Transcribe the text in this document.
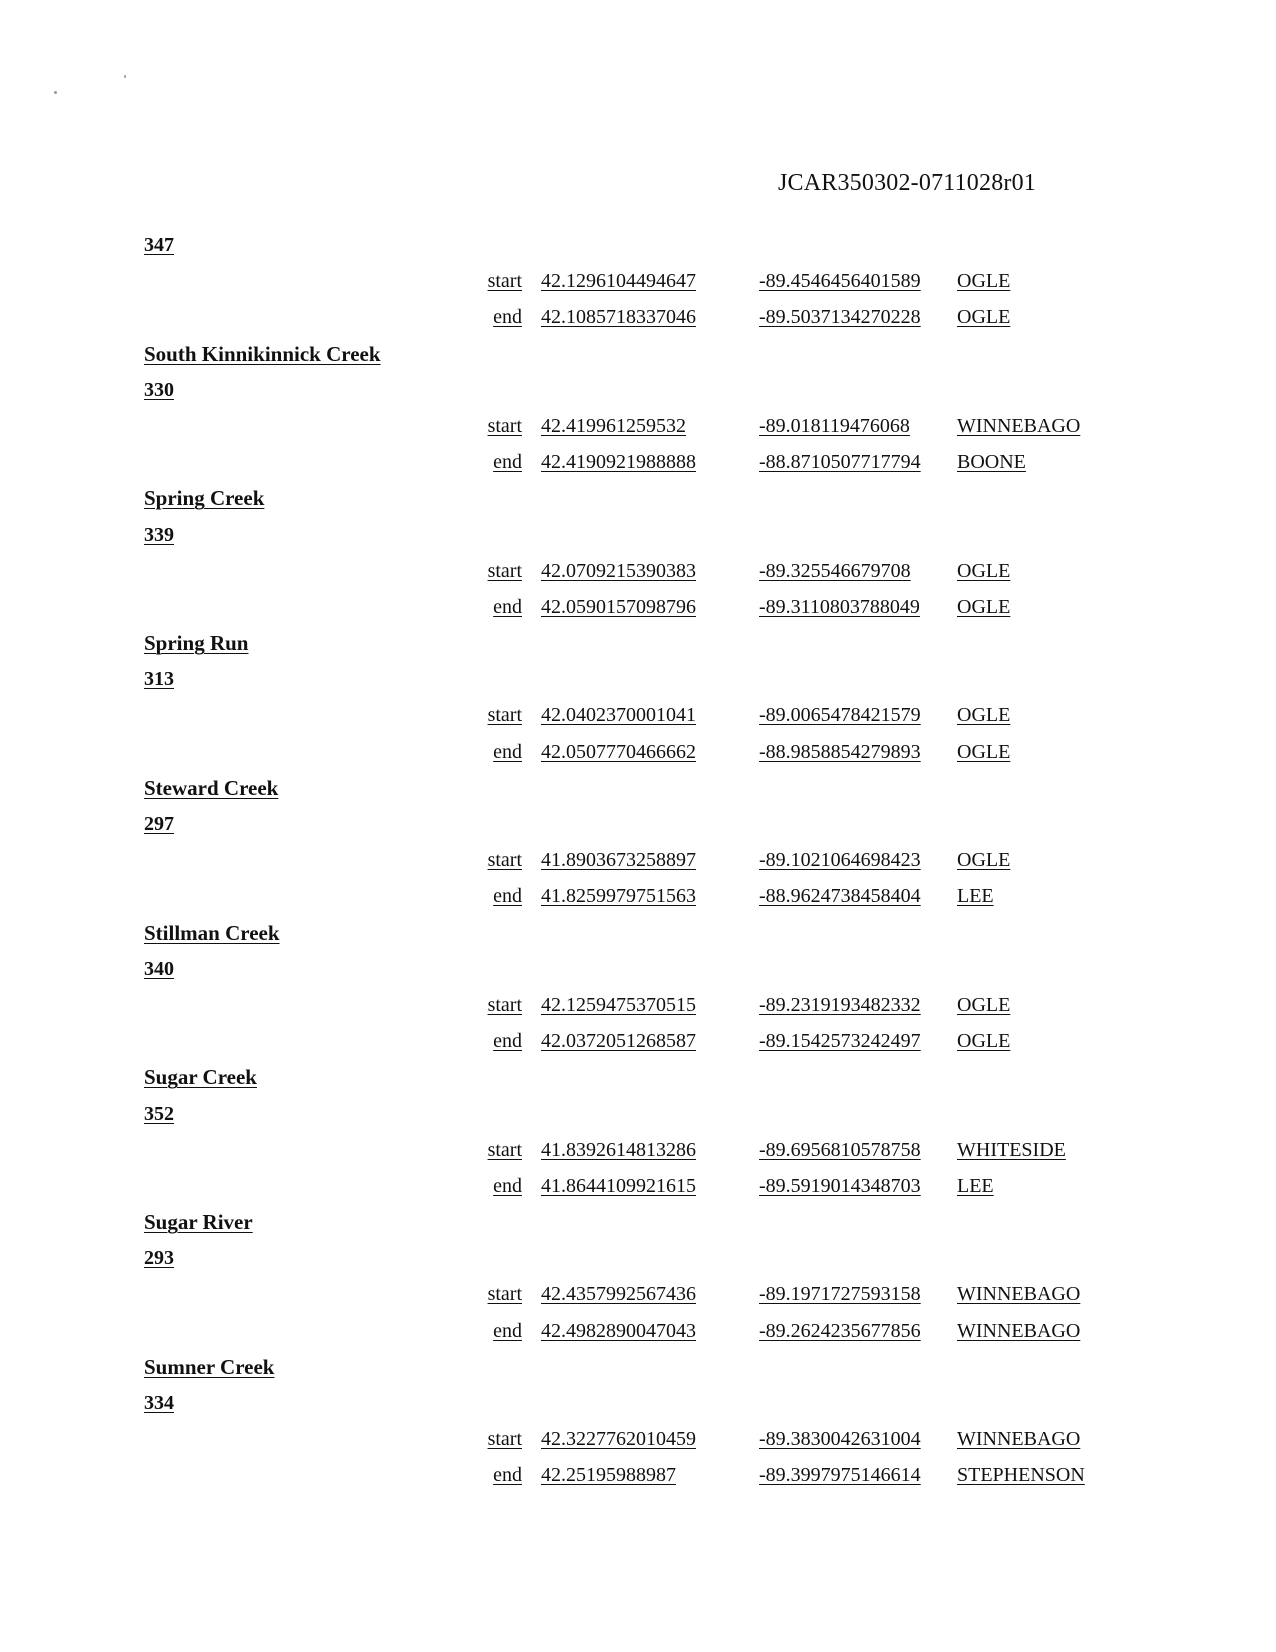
JCAR350302-0711028r01
347
start 42.1296104494647	-89.4546456401589 OGLE
end 42.1085718337046	-89.5037134270228 OGLE
South Kinnikinnick Creek
330
start 42.419961259532	-89.018119476068 WINNEBAGO
end 42.4190921988888	-88.8710507717794 BOONE
Spring Creek
339
start 42.0709215390383	-89.325546679708 OGLE
end 42.0590157098796	-89.3110803788049 OGLE
Spring Run
313
start 42.0402370001041	-89.0065478421579 OGLE
end 42.0507770466662	-88.9858854279893 OGLE
Steward Creek
297
start 41.8903673258897	-89.1021064698423 OGLE
end 41.8259979751563	-88.9624738458404 LEE
Stillman Creek
340
start 42.1259475370515	-89.2319193482332 OGLE
end 42.0372051268587	-89.1542573242497 OGLE
Sugar Creek
352
start 41.8392614813286	-89.6956810578758 WHITESIDE
end 41.8644109921615	-89.5919014348703 LEE
Sugar River
293
start 42.4357992567436	-89.1971727593158 WINNEBAGO
end 42.4982890047043	-89.2624235677856 WINNEBAGO
Sumner Creek
334
start 42.3227762010459	-89.3830042631004 WINNEBAGO
end 42.25195988987	-89.3997975146614 STEPHENSON
